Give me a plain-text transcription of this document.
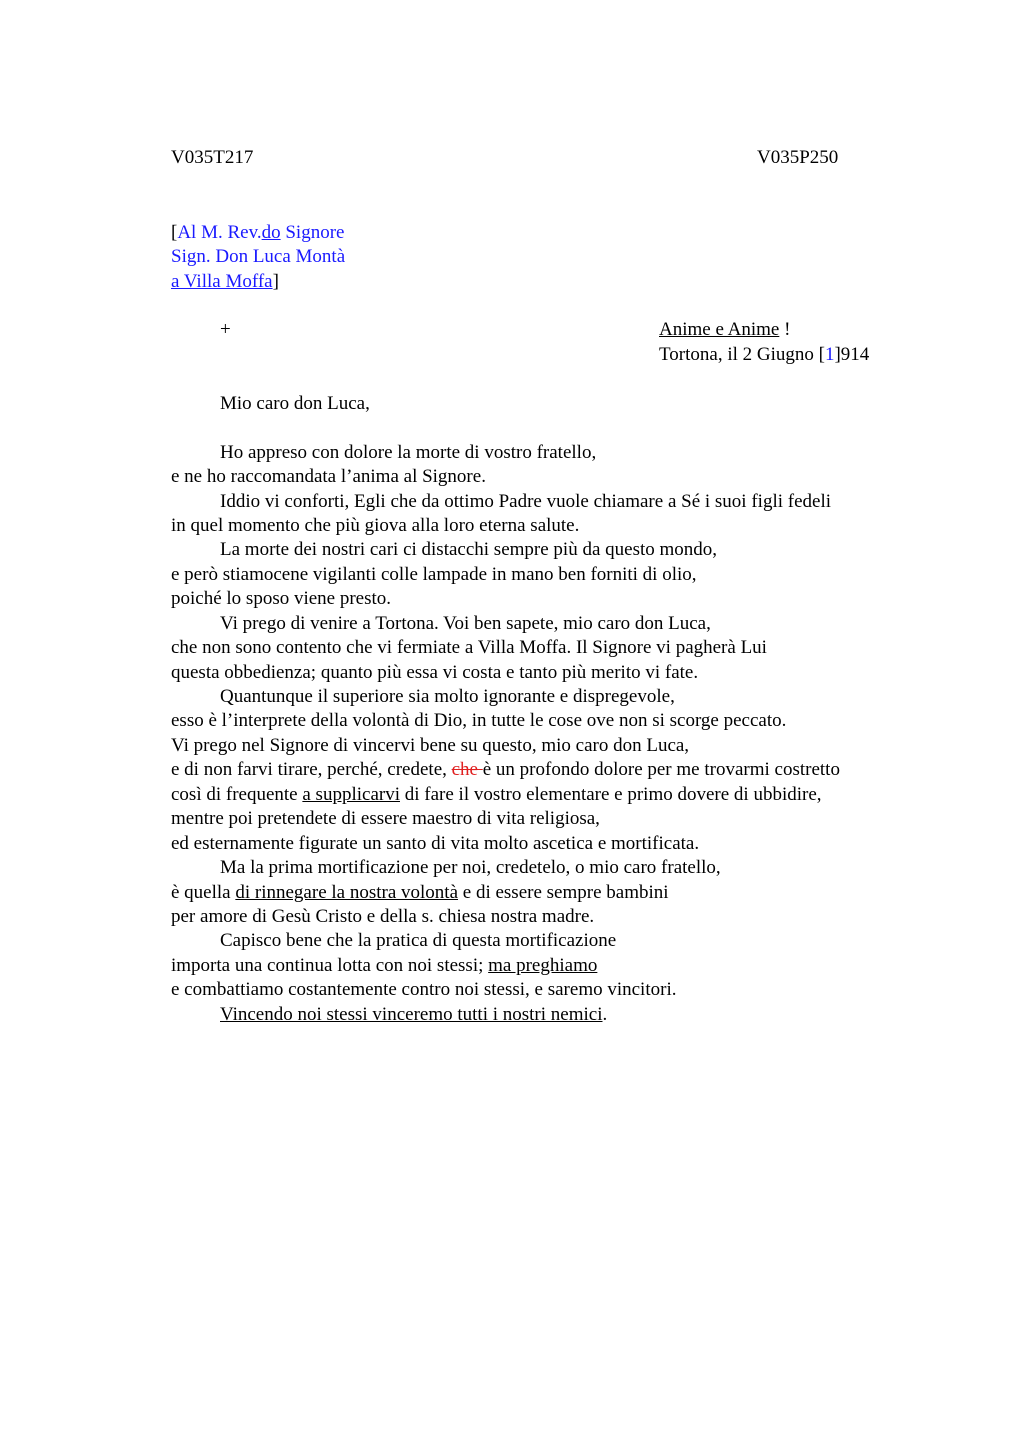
V035T217	V035P250
[Al M. Rev.do Signore
Sign. Don Luca Montà
a Villa Moffa]
+	Anime e Anime !
Tortona, il 2 Giugno [1]914
Mio caro don Luca,
Ho appreso con dolore la morte di vostro fratello,
e ne ho raccomandata l’anima al Signore.
Iddio vi conforti, Egli che da ottimo Padre vuole chiamare a Sé i suoi figli fedeli
in quel momento che più giova alla loro eterna salute.
La morte dei nostri cari ci distacchi sempre più da questo mondo,
e però stiamocene vigilanti colle lampade in mano ben forniti di olio,
poiché lo sposo viene presto.
Vi prego di venire a Tortona. Voi ben sapete, mio caro don Luca,
che non sono contento che vi fermiate a Villa Moffa. Il Signore vi pagherà Lui
questa obbedienza; quanto più essa vi costa e tanto più merito vi fate.
Quantunque il superiore sia molto ignorante e dispregevole,
esso è l’interprete della volontà di Dio, in tutte le cose ove non si scorge peccato.
Vi prego nel Signore di vincervi bene su questo, mio caro don Luca,
e di non farvi tirare, perché, credete, che è un profondo dolore per me trovarmi costretto
così di frequente a supplicarvi di fare il vostro elementare e primo dovere di ubbidire,
mentre poi pretendete di essere maestro di vita religiosa,
ed esternamente figurate un santo di vita molto ascetica e mortificata.
Ma la prima mortificazione per noi, credetelo, o mio caro fratello,
è quella di rinnegare la nostra volontà e di essere sempre bambini
per amore di Gesù Cristo e della s. chiesa nostra madre.
Capisco bene che la pratica di questa mortificazione
importa una continua lotta con noi stessi; ma preghiamo
e combattiamo costantemente contro noi stessi, e saremo vincitori.
Vincendo noi stessi vinceremo tutti i nostri nemici.
